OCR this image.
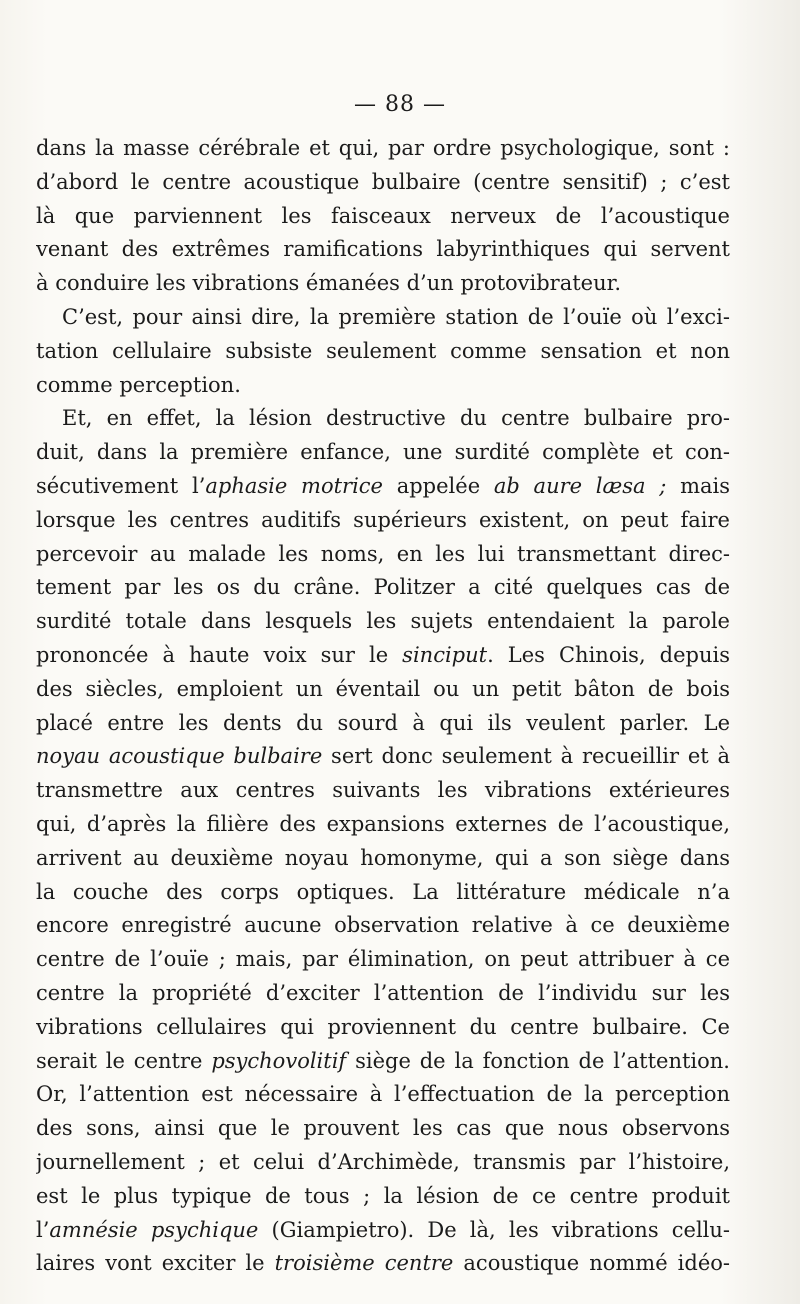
— 88 —
dans la masse cérébrale et qui, par ordre psychologique, sont :
d’abord le centre acoustique bulbaire (centre sensitif) ; c’est
là que parviennent les faisceaux nerveux de l’acoustique
venant des extrêmes ramifications labyrinthiques qui servent
à conduire les vibrations émanées d’un protovibrateur.
C’est, pour ainsi dire, la première station de l’ouïe où l’exci-
tation cellulaire subsiste seulement comme sensation et non
comme perception.
Et, en effet, la lésion destructive du centre bulbaire pro-
duit, dans la première enfance, une surdité complète et con-
sécutivement l’aphasie motrice appelée ab aure læsa ; mais
lorsque les centres auditifs supérieurs existent, on peut faire
percevoir au malade les noms, en les lui transmettant direc-
tement par les os du crâne. Politzer a cité quelques cas de
surdité totale dans lesquels les sujets entendaient la parole
prononcée à haute voix sur le sinciput. Les Chinois, depuis
des siècles, emploient un éventail ou un petit bâton de bois
placé entre les dents du sourd à qui ils veulent parler. Le
noyau acoustique bulbaire sert donc seulement à recueillir et à
transmettre aux centres suivants les vibrations extérieures
qui, d’après la filière des expansions externes de l’acoustique,
arrivent au deuxième noyau homonyme, qui a son siège dans
la couche des corps optiques. La littérature médicale n’a
encore enregistré aucune observation relative à ce deuxième
centre de l’ouïe ; mais, par élimination, on peut attribuer à ce
centre la propriété d’exciter l’attention de l’individu sur les
vibrations cellulaires qui proviennent du centre bulbaire. Ce
serait le centre psychovolitif siège de la fonction de l’attention.
Or, l’attention est nécessaire à l’effectuation de la perception
des sons, ainsi que le prouvent les cas que nous observons
journellement ; et celui d’Archimède, transmis par l’histoire,
est le plus typique de tous ; la lésion de ce centre produit
l’amnésie psychique (Giampietro). De là, les vibrations cellu-
laires vont exciter le troisième centre acoustique nommé idéo-
